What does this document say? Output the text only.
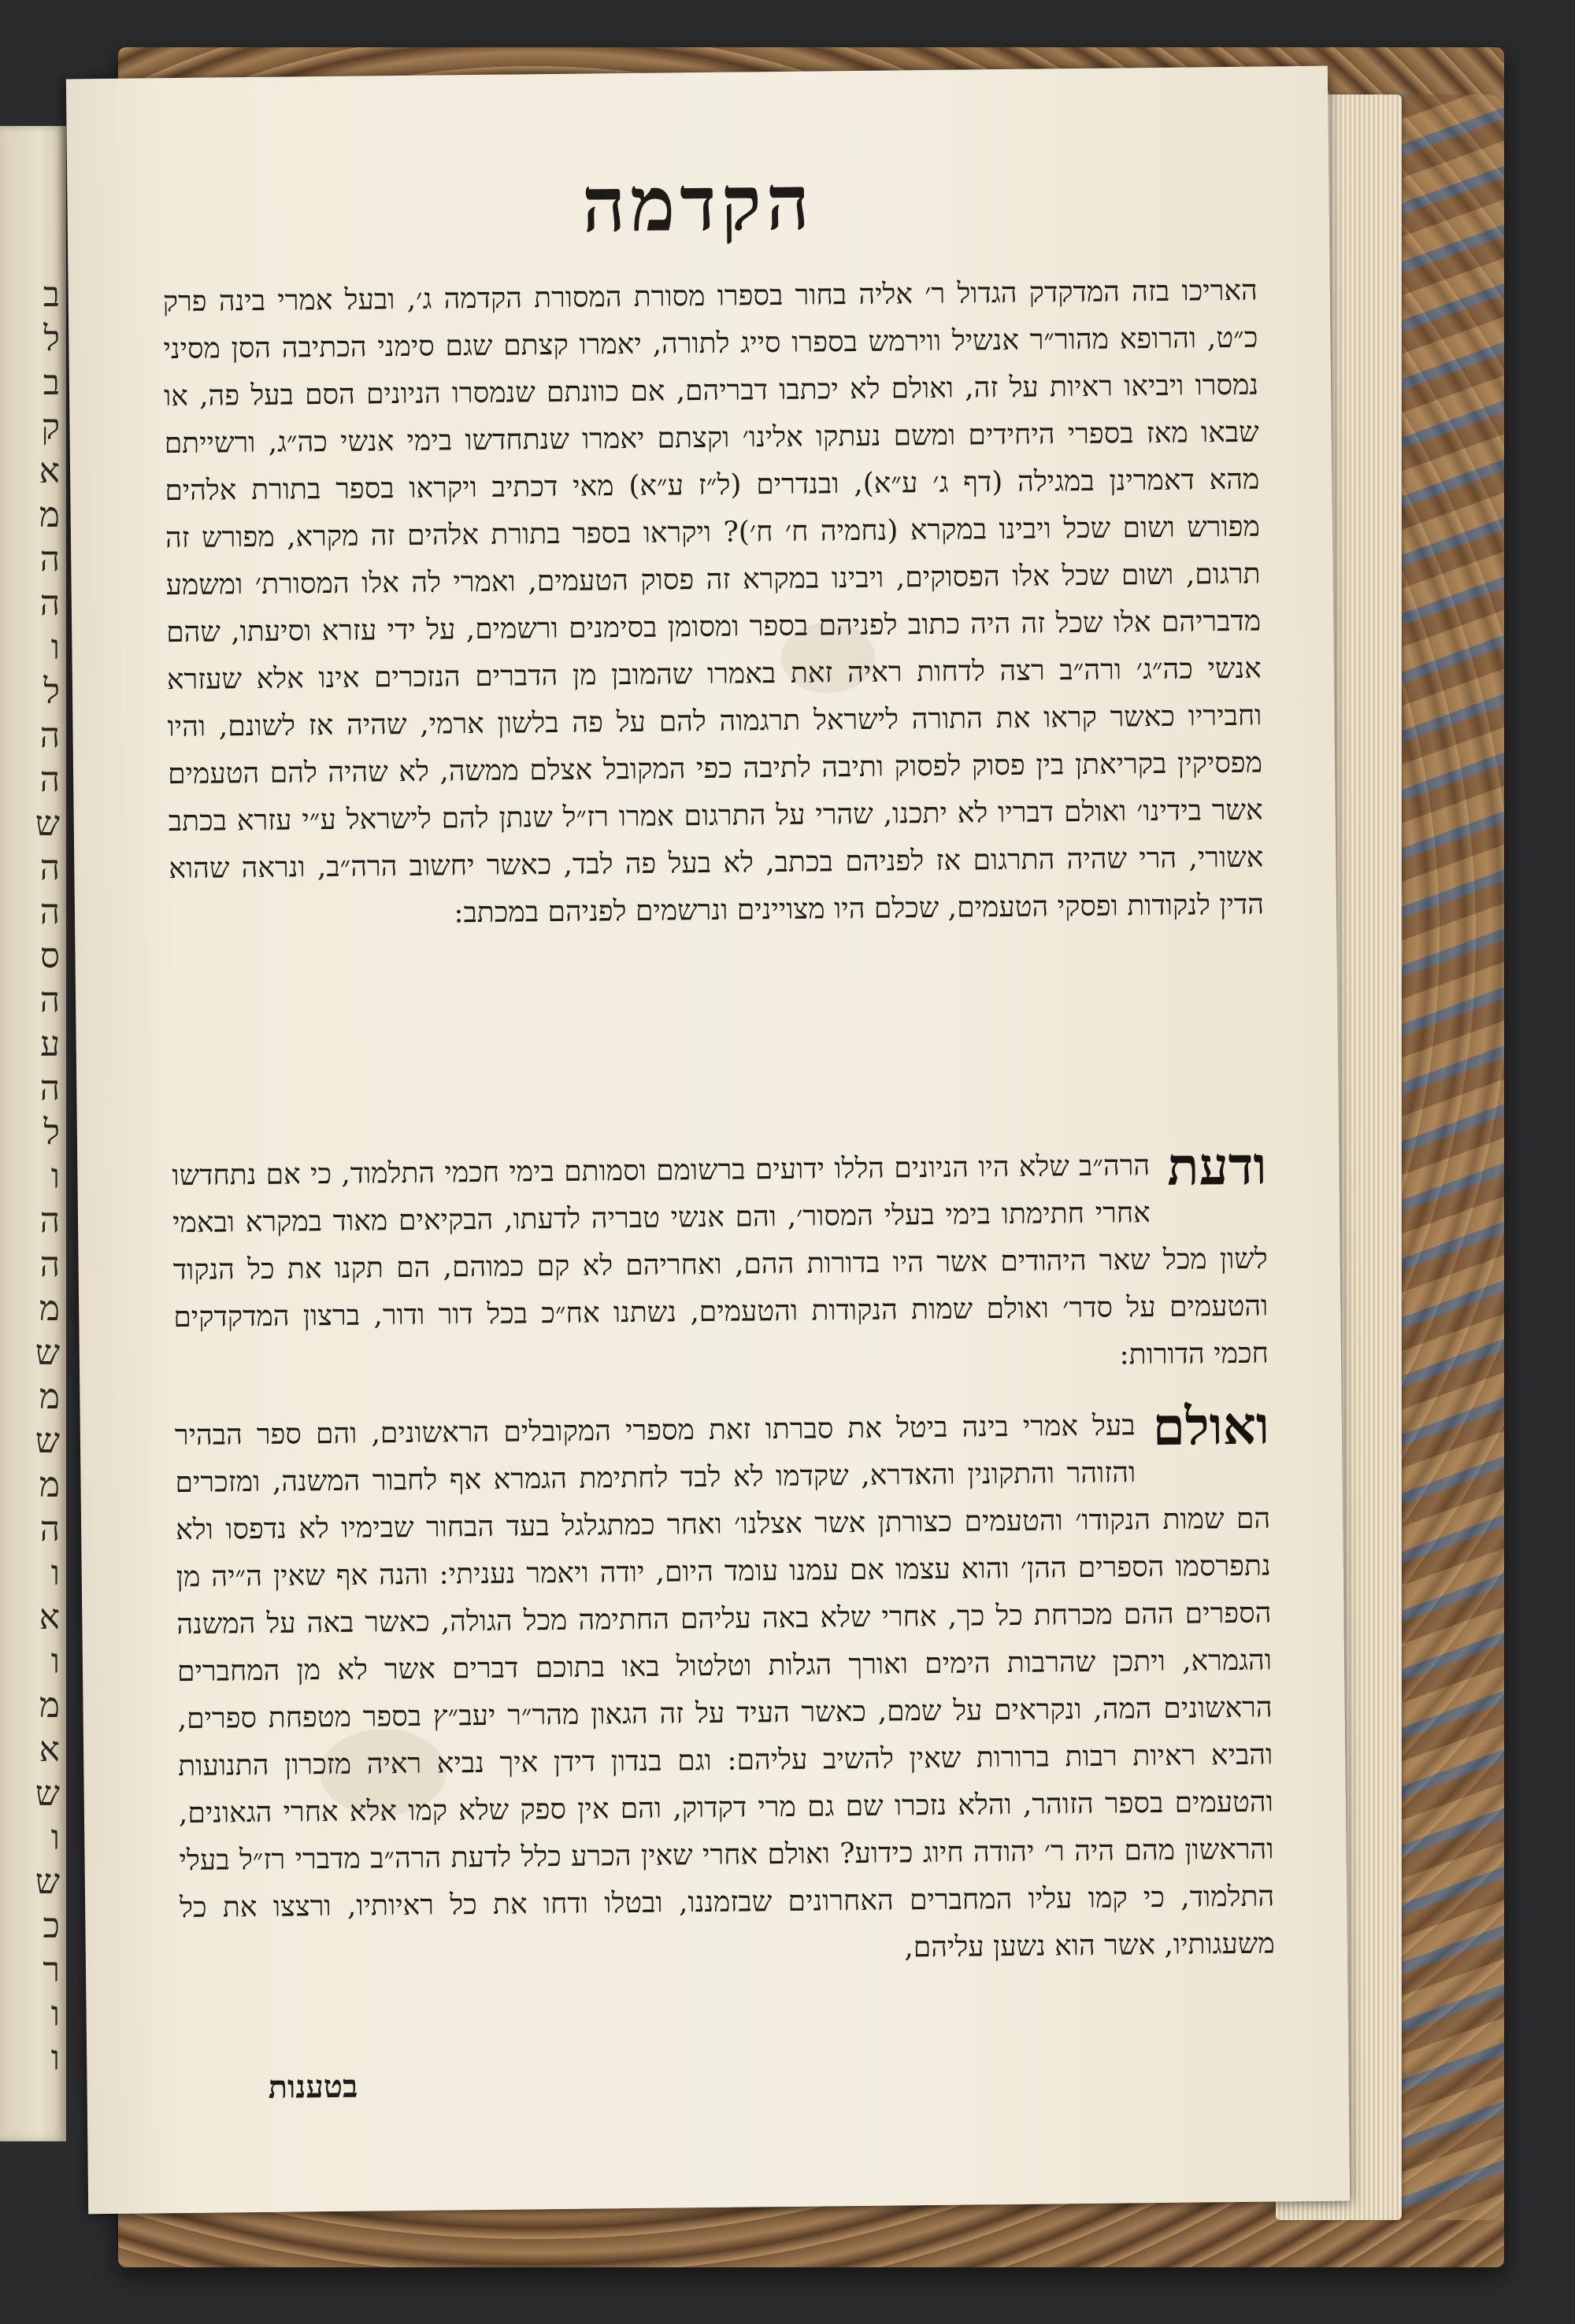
ב
ל
ב
ק
א
מ
ה
ה
ו
ל
ה
ה
ש
ה
ה
ס
ה
ע
ה
ל
ו
ה
ה
מ
ש
מ
ש
מ
ה
ו
א
ו
מ
א
ש
ו
ש
כ
ר
ו
ו
הקדמה
האריכו בזה המדקדק הגדול ר׳ אליה בחור בספרו מסורת המסורת הקדמה ג׳, ובעל אמרי בינה פרק כ״ט, והרופא מהור״ר אנשיל ווירמש בספרו סייג לתורה, יאמרו קצתם שגם סימני הכתיבה הסן מסיני נמסרו ויביאו ראיות על זה, ואולם לא יכתבו דבריהם, אם כוונתם שנמסרו הניונים הסם בעל פה, או שבאו מאז בספרי היחידים ומשם נעתקו אלינו׳ וקצתם יאמרו שנתחדשו בימי אנשי כה״ג, ורשייתם מהא דאמרינן במגילה (דף ג׳ ע״א), ובנדרים (ל״ז ע״א) מאי דכתיב ויקראו בספר בתורת אלהים מפורש ושום שכל ויבינו במקרא (נחמיה ח׳ ח׳)? ויקראו בספר בתורת אלהים זה מקרא, מפורש זה תרגום, ושום שכל אלו הפסוקים, ויבינו במקרא זה פסוק הטעמים, ואמרי לה אלו המסורת׳ ומשמע מדבריהם אלו שכל זה היה כתוב לפניהם בספר ומסומן בסימנים ורשמים, על ידי עזרא וסיעתו, שהם אנשי כה״ג׳ ורה״ב רצה לדחות ראיה זאת באמרו שהמובן מן הדברים הנזכרים אינו אלא שעזרא וחביריו כאשר קראו את התורה לישראל תרגמוה להם על פה בלשון ארמי, שהיה אז לשונם, והיו מפסיקין בקריאתן בין פסוק לפסוק ותיבה לתיבה כפי המקובל אצלם ממשה, לא שהיה להם הטעמים אשר בידינו׳ ואולם דבריו לא יתכנו, שהרי על התרגום אמרו רז״ל שנתן להם לישראל ע״י עזרא בכתב אשורי, הרי שהיה התרגום אז לפניהם בכתב, לא בעל פה לבד, כאשר יחשוב הרה״ב, ונראה שהוא הדין לנקודות ופסקי הטעמים, שכלם היו מצויינים ונרשמים לפניהם במכתב:
ודעת
הרה״ב שלא היו הניונים הללו ידועים ברשומם וסמותם בימי חכמי התלמוד, כי אם נתחדשו אחרי חתימתו בימי בעלי המסור׳, והם אנשי טבריה לדעתו, הבקיאים מאוד במקרא ובאמי לשון מכל שאר היהודים אשר היו בדורות ההם, ואחריהם לא קם כמוהם, הם תקנו את כל הנקוד והטעמים על סדר׳ ואולם שמות הנקודות והטעמים, נשתנו אח״כ בכל דור ודור, ברצון המדקדקים חכמי הדורות:
ואולם
בעל אמרי בינה ביטל את סברתו זאת מספרי המקובלים הראשונים, והם ספר הבהיר והזוהר והתקונין והאדרא, שקדמו לא לבד לחתימת הגמרא אף לחבור המשנה, ומזכרים הם שמות הנקודו׳ והטעמים כצורתן אשר אצלנו׳ ואחר כמתגלגל בעד הבחור שבימיו לא נדפסו ולא נתפרסמו הספרים ההן׳ והוא עצמו אם עמנו עומד היום, יודה ויאמר נעניתי: והנה אף שאין ה״יה מן הספרים ההם מכרחת כל כך, אחרי שלא באה עליהם החתימה מכל הגולה, כאשר באה על המשנה והגמרא, ויתכן שהרבות הימים ואורך הגלות וטלטול באו בתוכם דברים אשר לא מן המחברים הראשונים המה, ונקראים על שמם, כאשר העיד על זה הגאון מהר״ר יעב״ץ בספר מטפחת ספרים, והביא ראיות רבות ברורות שאין להשיב עליהם: וגם בנדון דידן איך נביא ראיה מזכרון התנועות והטעמים בספר הזוהר, והלא נזכרו שם גם מרי דקדוק, והם אין ספק שלא קמו אלא אחרי הגאונים, והראשון מהם היה ר׳ יהודה חיוג כידוע? ואולם אחרי שאין הכרע כלל לדעת הרה״ב מדברי רז״ל בעלי התלמוד, כי קמו עליו המחברים האחרונים שבזמננו, ובטלו ודחו את כל ראיותיו, ורצצו את כל משעגותיו, אשר הוא נשען עליהם,
בטענות
